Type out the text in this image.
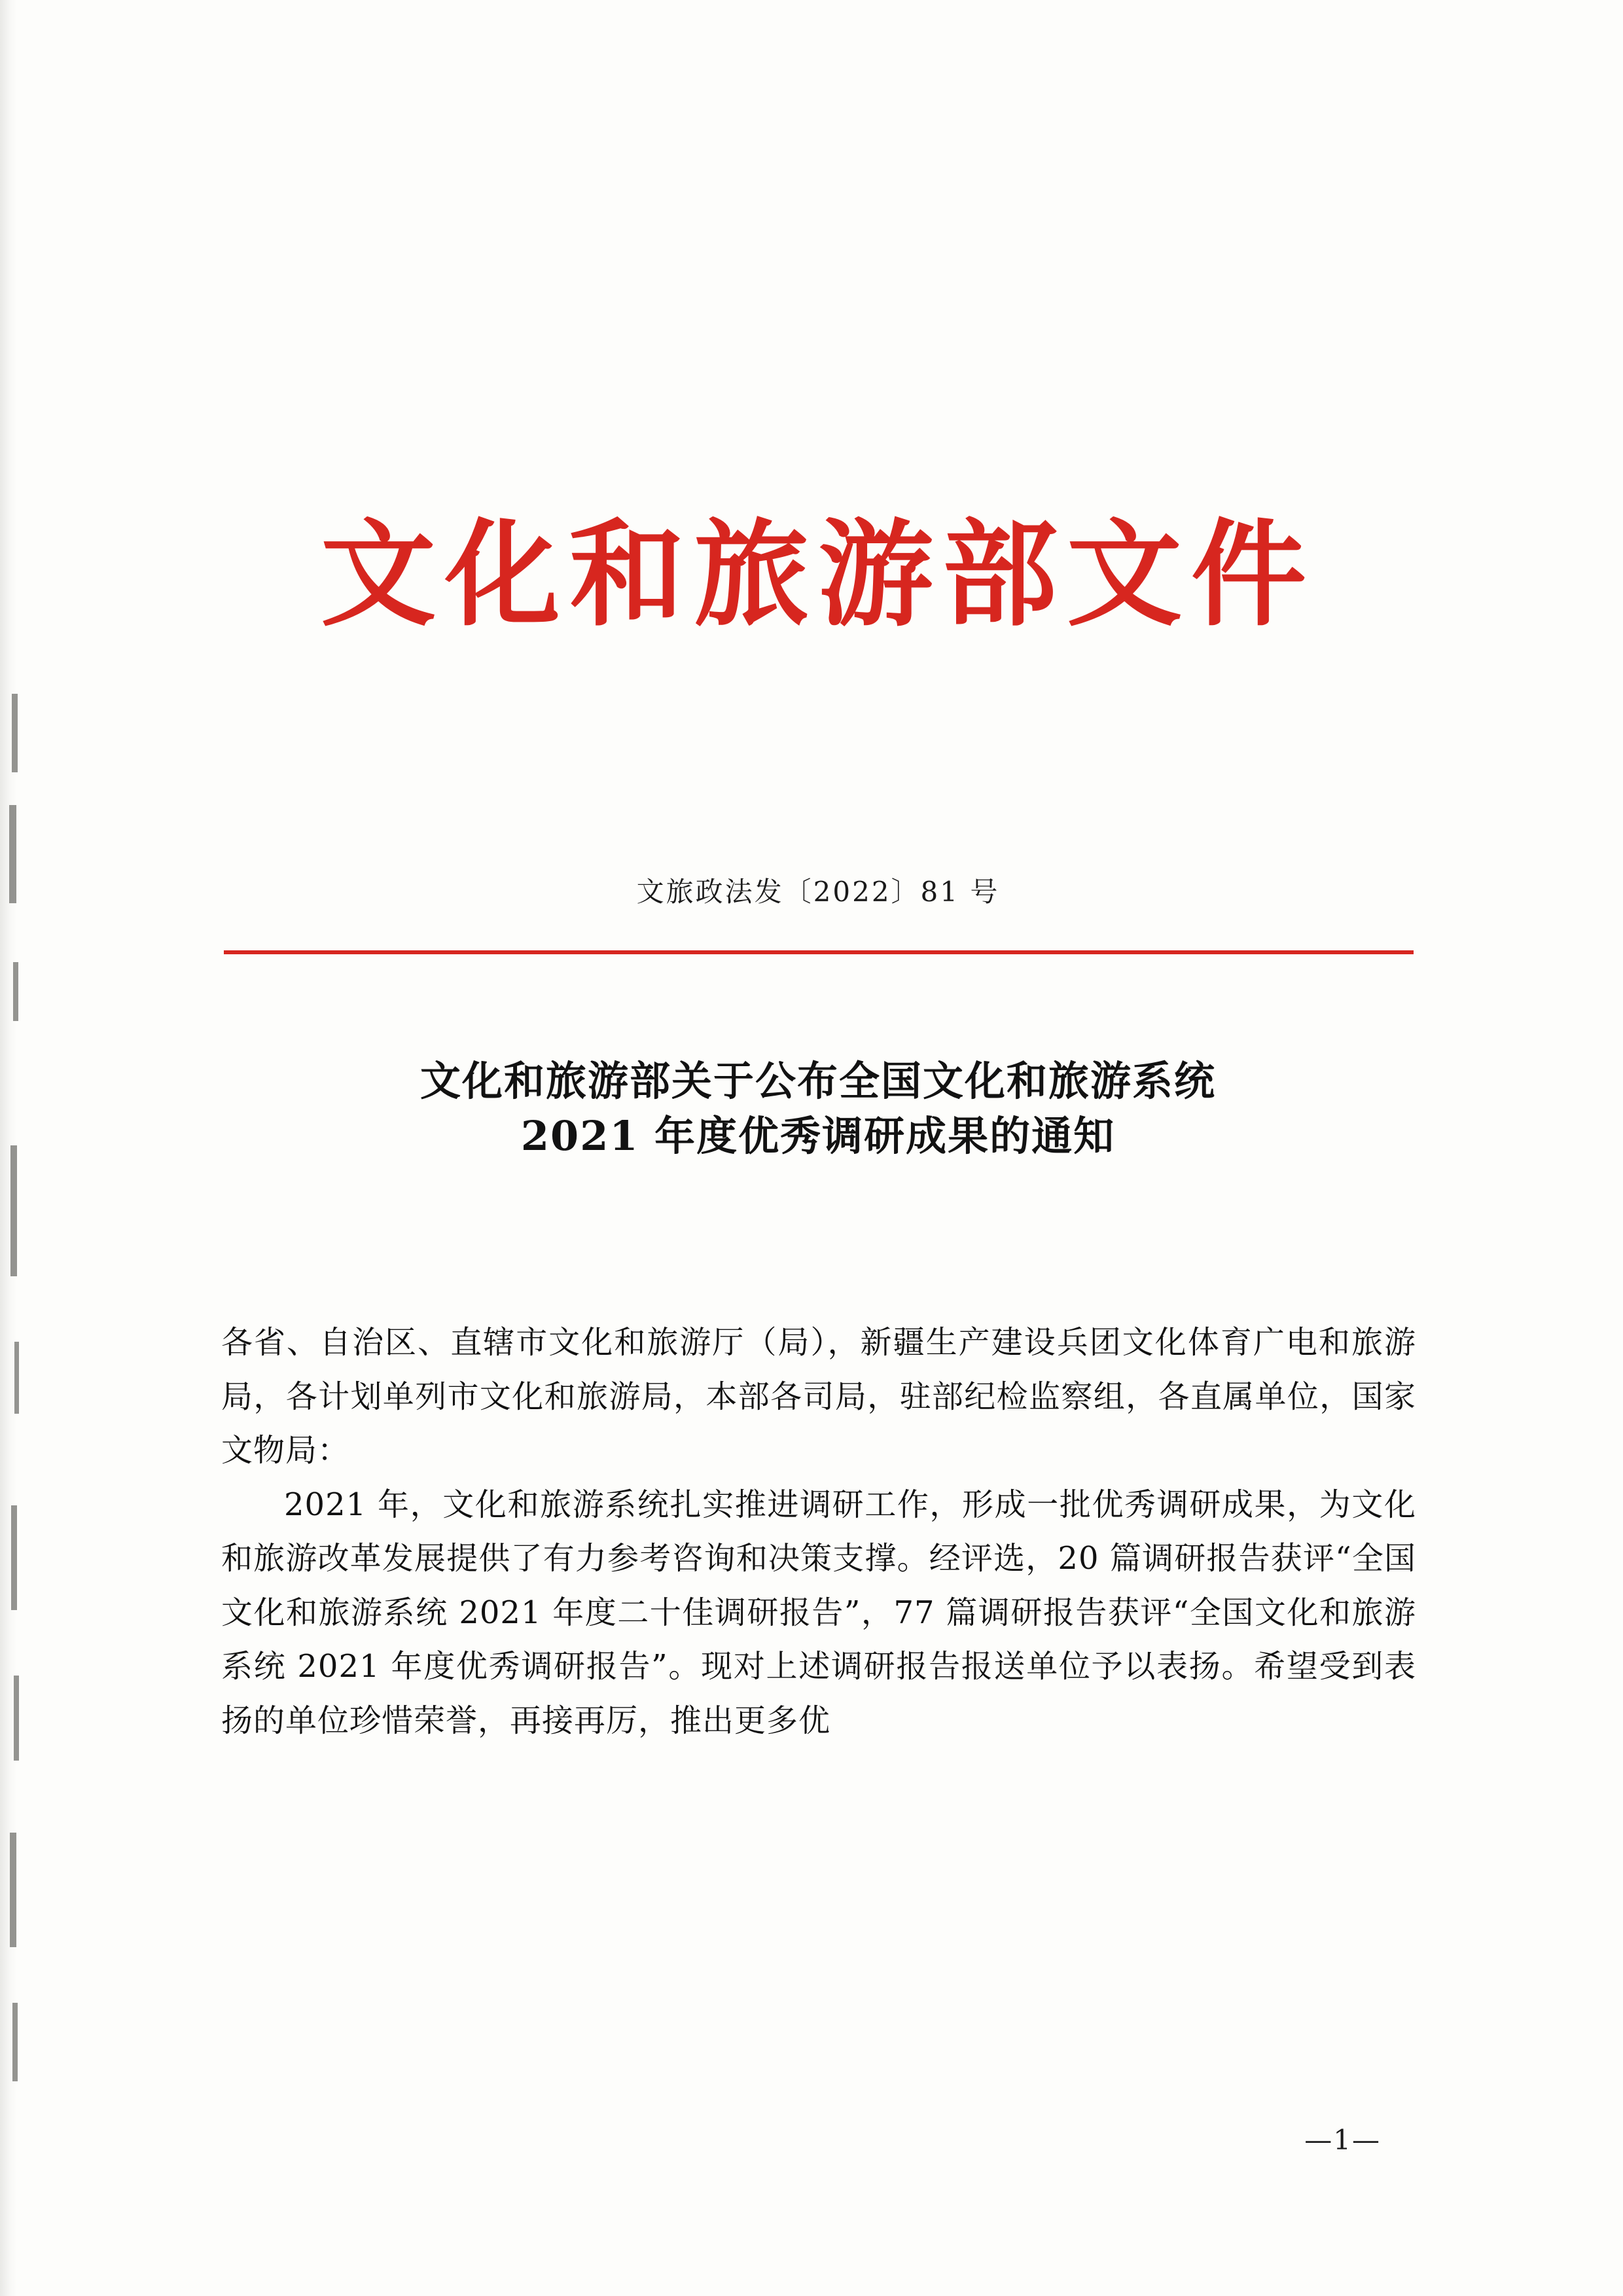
文化和旅游部文件
文旅政法发〔2022〕81 号
文化和旅游部关于公布全国文化和旅游系统
2021 年度优秀调研成果的通知

各省、自治区、直辖市文化和旅游厅（局），新疆生产建设兵团文化体育广电和旅游局，各计划单列市文化和旅游局，本部各司局，驻部纪检监察组，各直属单位，国家文物局：

2021 年，文化和旅游系统扎实推进调研工作，形成一批优秀调研成果，为文化和旅游改革发展提供了有力参考咨询和决策支撑。经评选，20 篇调研报告获评“全国文化和旅游系统 2021 年度二十佳调研报告”，77 篇调研报告获评“全国文化和旅游系统 2021 年度优秀调研报告”。现对上述调研报告报送单位予以表扬。希望受到表扬的单位珍惜荣誉，再接再厉，推出更多优

—1—
